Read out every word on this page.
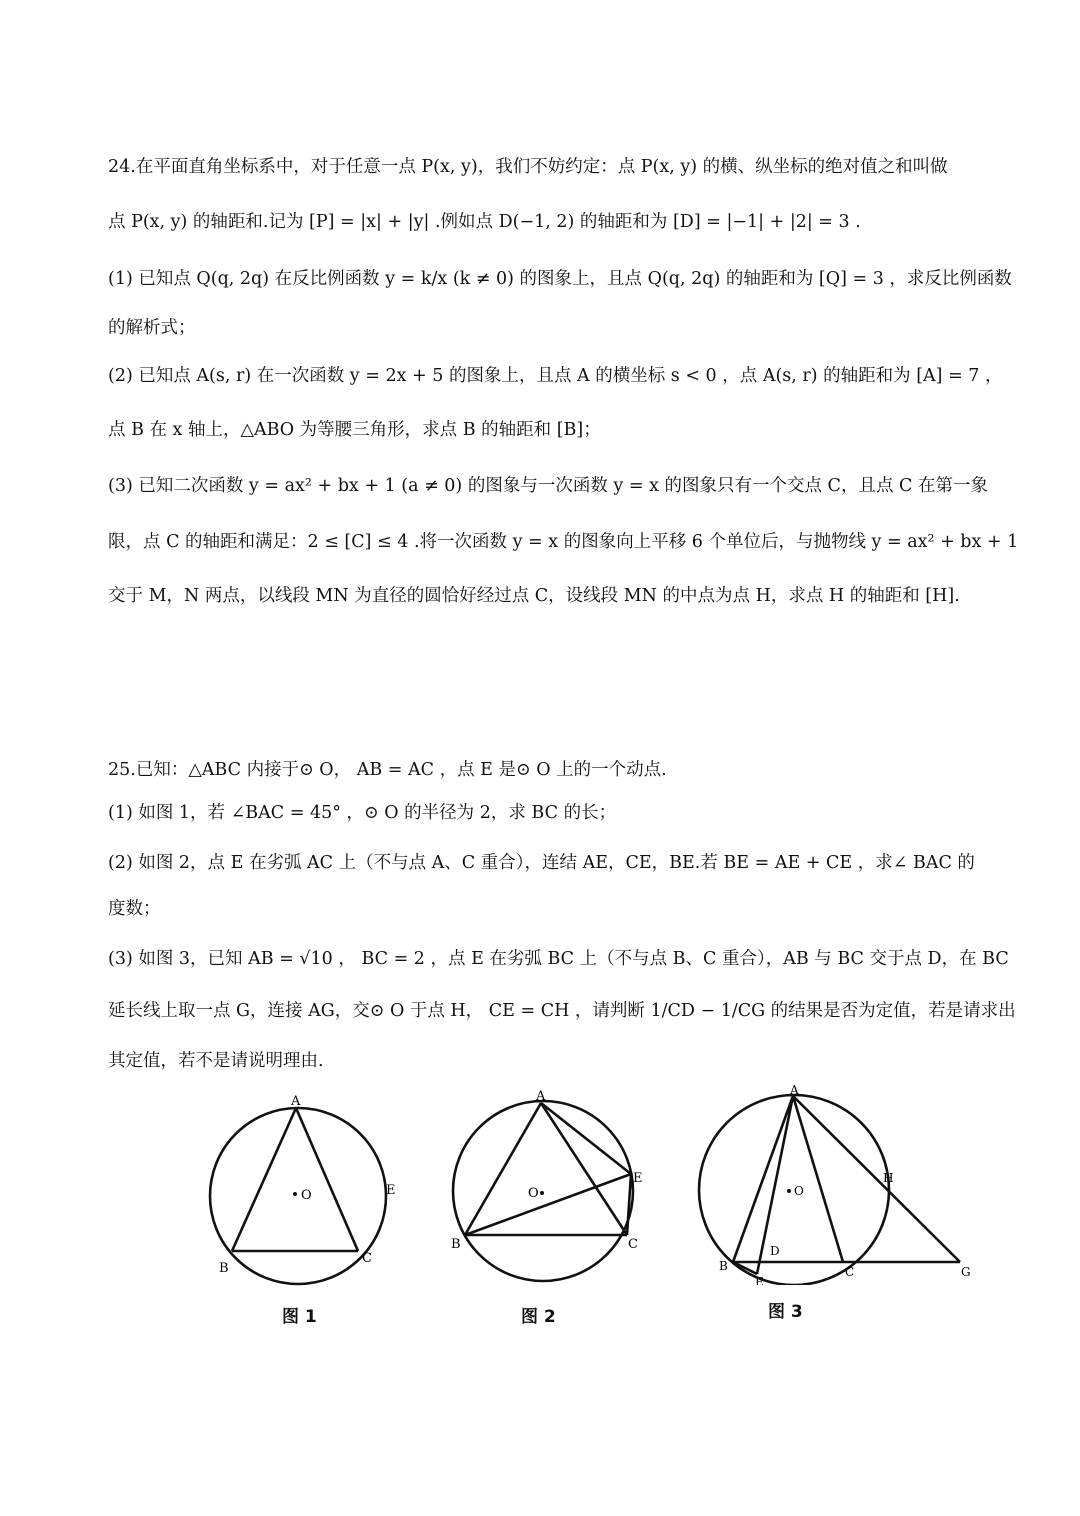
24.在平面直角坐标系中，对于任意一点 P(x, y)，我们不妨约定：点 P(x, y) 的横、纵坐标的绝对值之和叫做
点 P(x, y) 的轴距和.记为 [P] = |x| + |y| .例如点 D(−1, 2) 的轴距和为 [D] = |−1| + |2| = 3 .
(1) 已知点 Q(q, 2q) 在反比例函数 y = k/x (k ≠ 0) 的图象上，且点 Q(q, 2q) 的轴距和为 [Q] = 3 ，求反比例函数
的解析式；
(2) 已知点 A(s, r) 在一次函数 y = 2x + 5 的图象上，且点 A 的横坐标 s < 0 ，点 A(s, r) 的轴距和为 [A] = 7 ，
点 B 在 x 轴上，△ABO 为等腰三角形，求点 B 的轴距和 [B]；
(3) 已知二次函数 y = ax² + bx + 1 (a ≠ 0) 的图象与一次函数 y = x 的图象只有一个交点 C，且点 C 在第一象
限，点 C 的轴距和满足：2 ≤ [C] ≤ 4 .将一次函数 y = x 的图象向上平移 6 个单位后，与抛物线 y = ax² + bx + 1
交于 M，N 两点，以线段 MN 为直径的圆恰好经过点 C，设线段 MN 的中点为点 H，求点 H 的轴距和 [H].
25.已知：△ABC 内接于⊙ O， AB = AC ，点 E 是⊙ O 上的一个动点.
(1) 如图 1，若 ∠BAC = 45° ，⊙ O 的半径为 2，求 BC 的长；
(2) 如图 2，点 E 在劣弧 AC 上（不与点 A、C 重合），连结 AE，CE，BE.若 BE = AE + CE ，求∠ BAC 的
度数；
(3) 如图 3，已知 AB = √10 ， BC = 2 ，点 E 在劣弧 BC 上（不与点 B、C 重合），AB 与 BC 交于点 D，在 BC
延长线上取一点 G，连接 AG，交⊙ O 于点 H， CE = CH ，请判断 1/CD − 1/CG 的结果是否为定值，若是请求出
其定值，若不是请说明理由.
A
B
C
E
O
图 1
A
B	C
E
O
图 2
A
B	C
D
E
G
H
O
图 3
